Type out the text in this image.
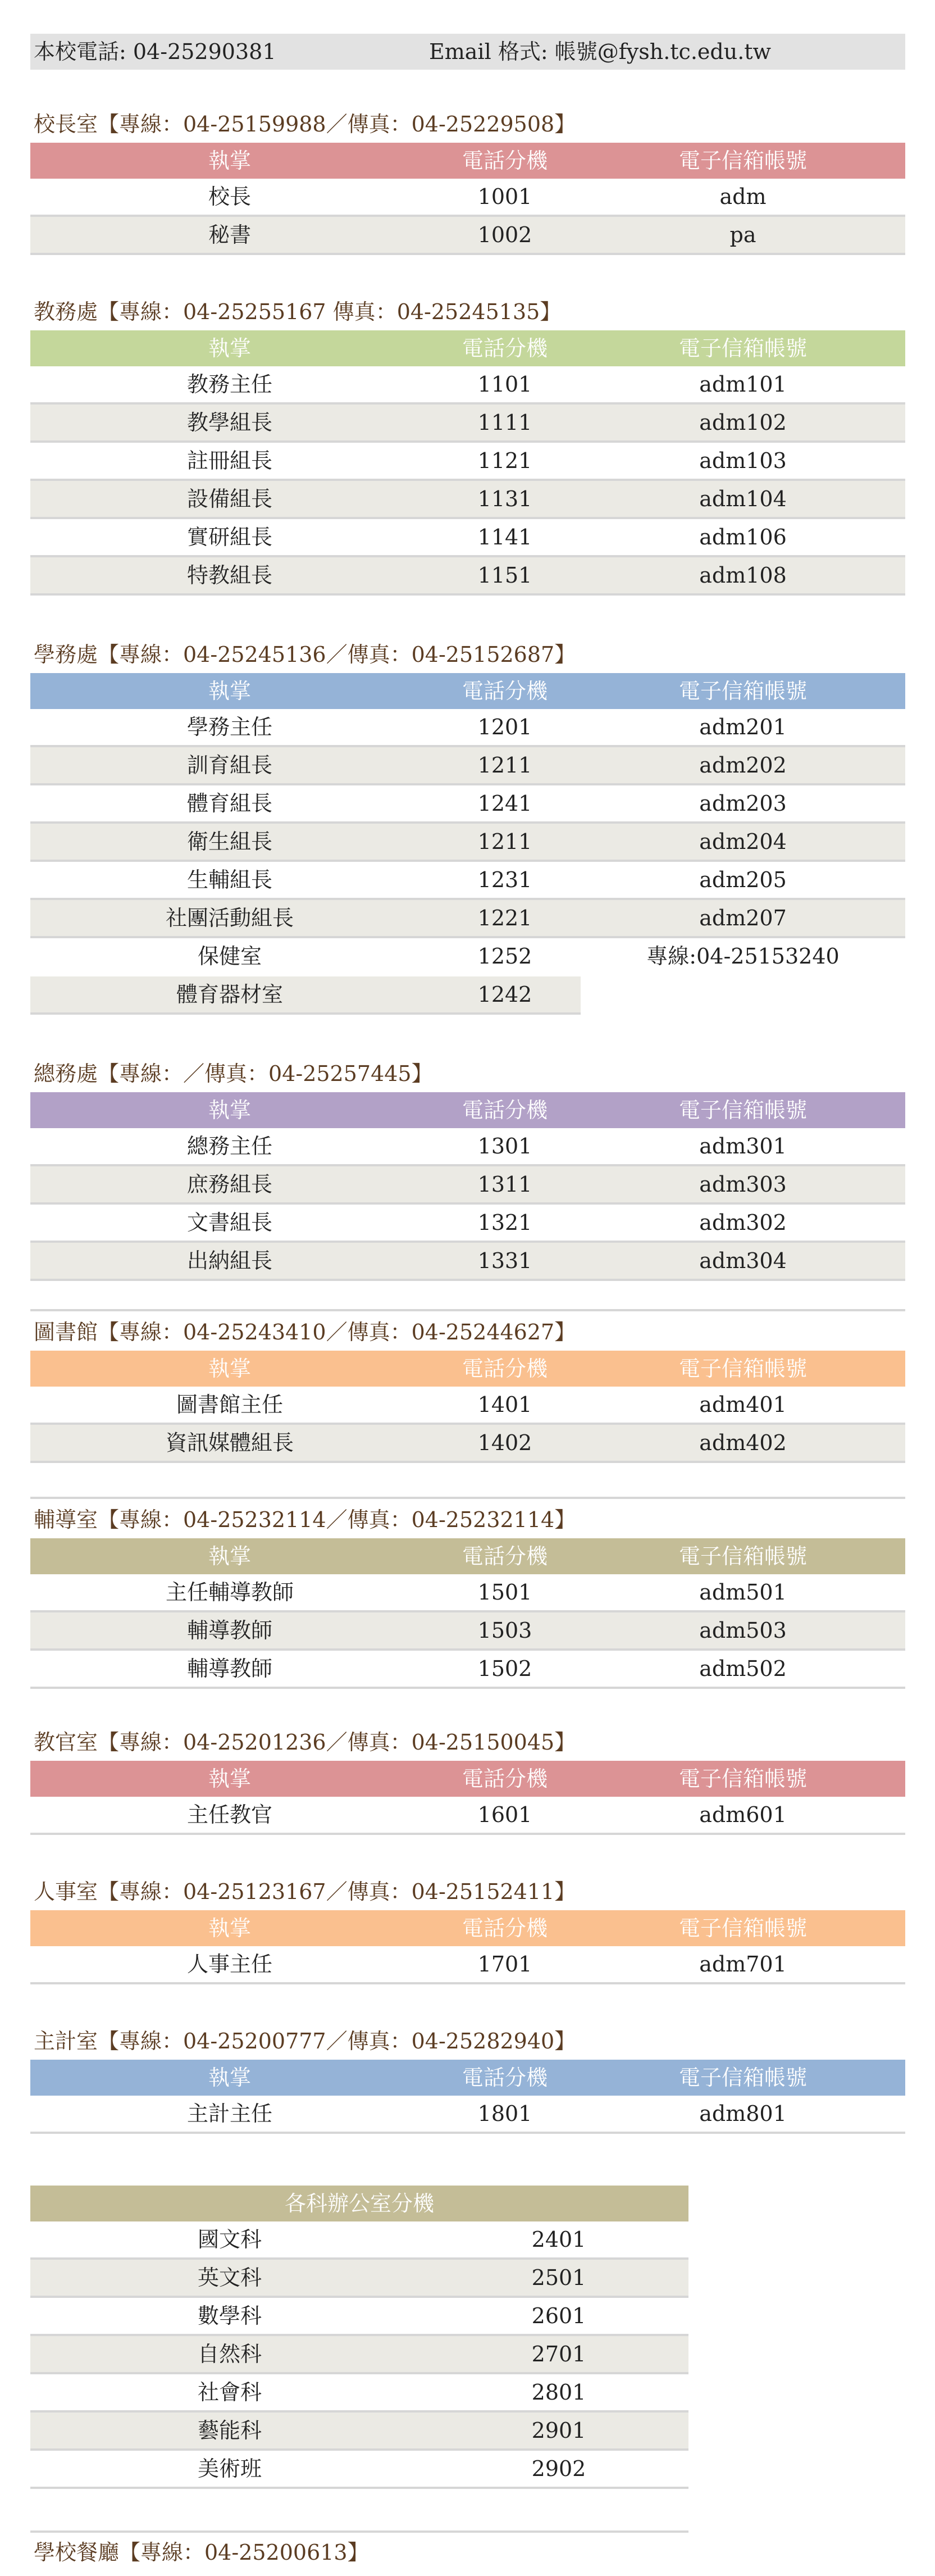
本校電話: 04-25290381	Email 格式: 帳號@fysh.tc.edu.tw
校長室【專線：04-25159988／傳真：04-25229508】
執掌	電話分機	電子信箱帳號
校長	1001	adm
秘書	1002	pa
教務處【專線：04-25255167 傳真：04-25245135】
執掌	電話分機	電子信箱帳號
教務主任	1101	adm101
教學組長	1111	adm102
註冊組長	1121	adm103
設備組長	1131	adm104
實研組長	1141	adm106
特教組長	1151	adm108
學務處【專線：04-25245136／傳真：04-25152687】
執掌	電話分機	電子信箱帳號
學務主任	1201	adm201
訓育組長	1211	adm202
體育組長	1241	adm203
衛生組長	1211	adm204
生輔組長	1231	adm205
社團活動組長	1221	adm207
保健室	1252	專線:04-25153240
體育器材室	1242
總務處【專線：／傳真：04-25257445】
執掌	電話分機	電子信箱帳號
總務主任	1301	adm301
庶務組長	1311	adm303
文書組長	1321	adm302
出納組長	1331	adm304
圖書館【專線：04-25243410／傳真：04-25244627】
執掌	電話分機	電子信箱帳號
圖書館主任	1401	adm401
資訊媒體組長	1402	adm402
輔導室【專線：04-25232114／傳真：04-25232114】
執掌	電話分機	電子信箱帳號
主任輔導教師	1501	adm501
輔導教師	1503	adm503
輔導教師	1502	adm502
教官室【專線：04-25201236／傳真：04-25150045】
執掌	電話分機	電子信箱帳號
主任教官	1601	adm601
人事室【專線：04-25123167／傳真：04-25152411】
執掌	電話分機	電子信箱帳號
人事主任	1701	adm701
主計室【專線：04-25200777／傳真：04-25282940】
執掌	電話分機	電子信箱帳號
主計主任	1801	adm801
各科辦公室分機
國文科	2401
英文科	2501
數學科	2601
自然科	2701
社會科	2801
藝能科	2901
美術班	2902
學校餐廳【專線：04-25200613】
